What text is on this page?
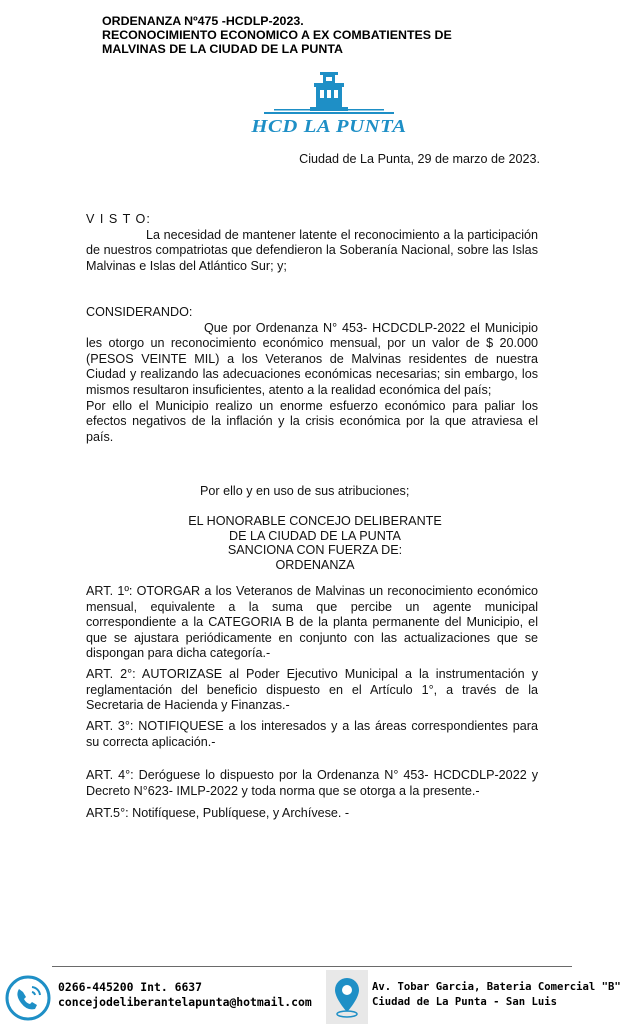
ORDENANZA Nº475 -HCDLP-2023.
RECONOCIMIENTO ECONOMICO A EX COMBATIENTES DE
MALVINAS DE LA CIUDAD DE LA PUNTA
HCD LA PUNTA
Ciudad de La Punta, 29 de marzo de 2023.
V I S T O:
La necesidad de mantener latente el reconocimiento a la participación de nuestros compatriotas que defendieron la Soberanía Nacional, sobre las Islas Malvinas e Islas del Atlántico Sur; y;
CONSIDERANDO:
Que por Ordenanza N° 453- HCDCDLP-2022 el Municipio les otorgo un reconocimiento económico mensual, por un valor de $ 20.000 (PESOS VEINTE MIL) a los Veteranos de Malvinas residentes de nuestra Ciudad y realizando las adecuaciones económicas necesarias; sin embargo, los mismos resultaron insuficientes, atento a la realidad económica del país;
Por ello el Municipio realizo un enorme esfuerzo económico para paliar los efectos negativos de la inflación y la crisis económica por la que atraviesa el país.
Por ello y en uso de sus atribuciones;
EL HONORABLE CONCEJO DELIBERANTE
DE LA CIUDAD DE LA PUNTA
SANCIONA CON FUERZA DE:
ORDENANZA
ART. 1º: OTORGAR a los Veteranos de Malvinas un reconocimiento económico mensual, equivalente a la suma que percibe un agente municipal correspondiente a la CATEGORIA B de la planta permanente del Municipio, el que se ajustara periódicamente en conjunto con las actualizaciones que se dispongan para dicha categoría.-
ART. 2°: AUTORIZASE al Poder Ejecutivo Municipal a la instrumentación y reglamentación del beneficio dispuesto en el Artículo 1°, a través de la Secretaria de Hacienda y Finanzas.-
ART. 3°: NOTIFIQUESE a los interesados y a las áreas correspondientes para su correcta aplicación.-
ART. 4°: Deróguese lo dispuesto por la Ordenanza N° 453- HCDCDLP-2022 y Decreto N°623- IMLP-2022 y toda norma que se otorga a la presente.-
ART.5°: Notifíquese, Publíquese, y Archívese. -
0266-445200 Int. 6637
concejodeliberantelapunta@hotmail.com
Av. Tobar Garcia, Bateria Comercial "B"
Ciudad de La Punta - San Luis
